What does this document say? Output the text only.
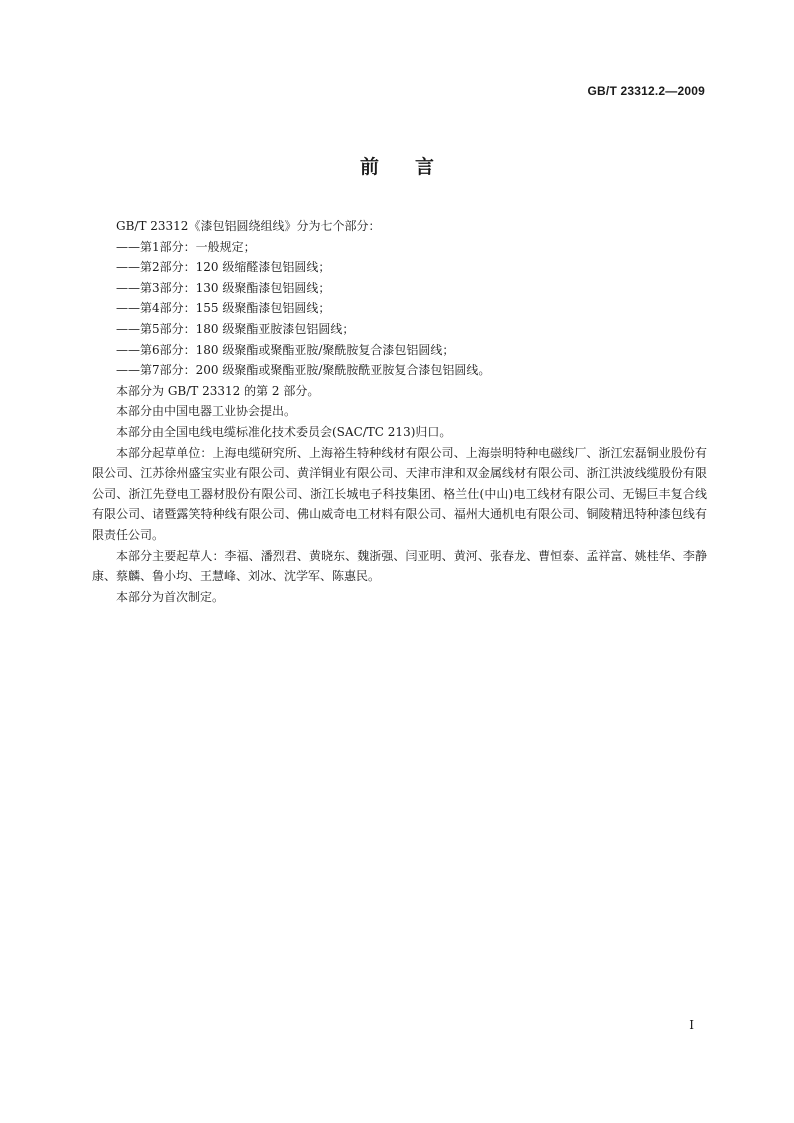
GB/T 23312.2—2009
前言

GB/T 23312《漆包铝圆绕组线》分为七个部分：

——第1部分：一般规定；

——第2部分：120 级缩醛漆包铝圆线；

——第3部分：130 级聚酯漆包铝圆线；

——第4部分：155 级聚酯漆包铝圆线；

——第5部分：180 级聚酯亚胺漆包铝圆线；

——第6部分：180 级聚酯或聚酯亚胺/聚酰胺复合漆包铝圆线；

——第7部分：200 级聚酯或聚酯亚胺/聚酰胺酰亚胺复合漆包铝圆线。

本部分为 GB/T 23312 的第 2 部分。

本部分由中国电器工业协会提出。

本部分由全国电线电缆标准化技术委员会(SAC/TC 213)归口。

本部分起草单位：上海电缆研究所、上海裕生特种线材有限公司、上海崇明特种电磁线厂、浙江宏磊铜业股份有限公司、江苏徐州盛宝实业有限公司、黄洋铜业有限公司、天津市津和双金属线材有限公司、浙江洪波线缆股份有限公司、浙江先登电工器材股份有限公司、浙江长城电子科技集团、格兰仕(中山)电工线材有限公司、无锡巨丰复合线有限公司、诸暨露笑特种线有限公司、佛山威奇电工材料有限公司、福州大通机电有限公司、铜陵精迅特种漆包线有限责任公司。

本部分主要起草人：李福、潘烈君、黄晓东、魏浙强、闫亚明、黄河、张春龙、曹恒泰、孟祥富、姚桂华、李静康、蔡麟、鲁小均、王慧峰、刘冰、沈学军、陈惠民。

本部分为首次制定。

I
